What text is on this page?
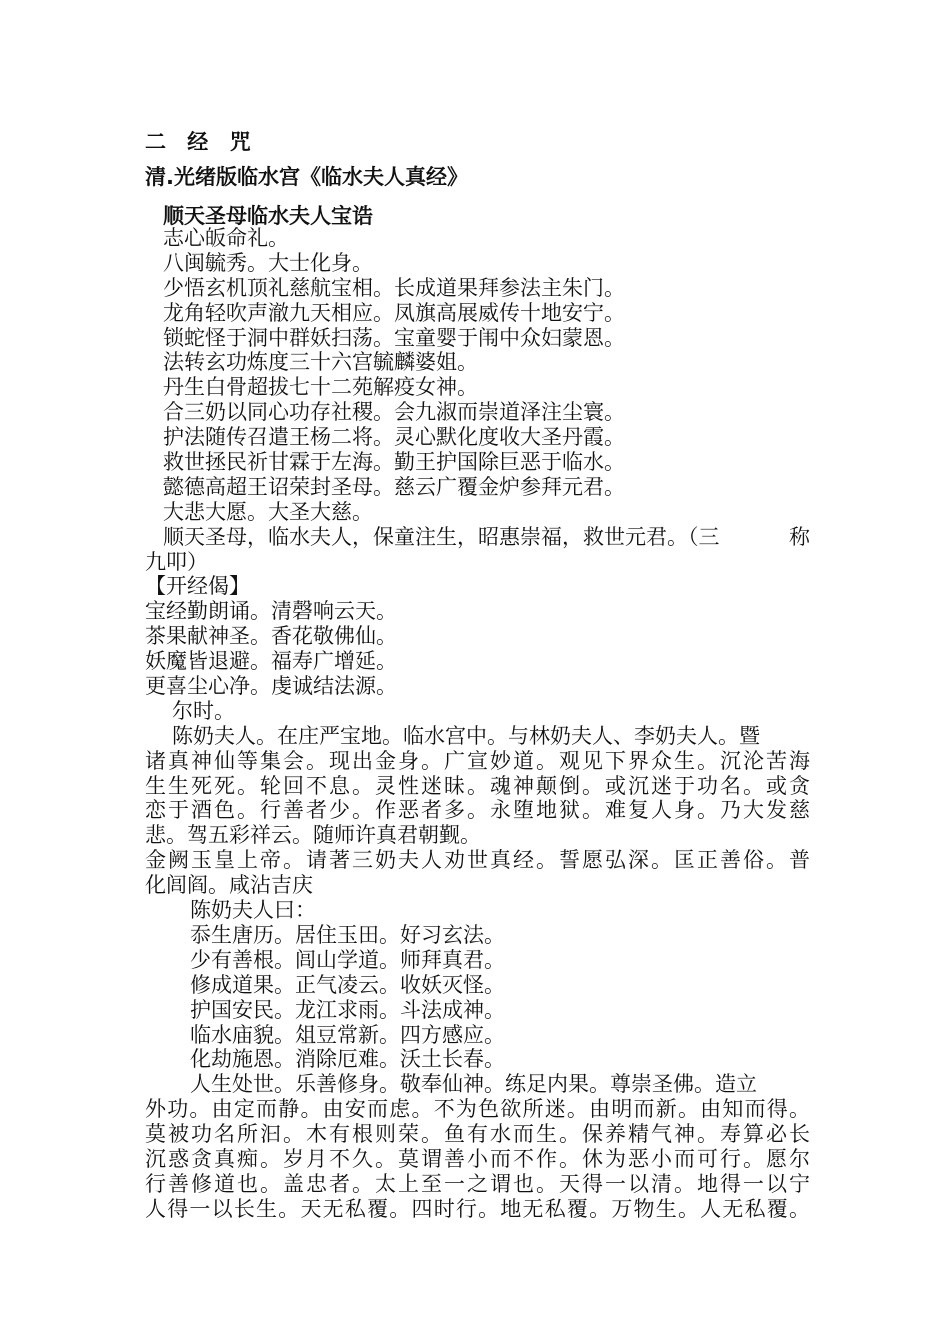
二 经 咒
清.光绪版临水宫《临水夫人真经》
顺天圣母临水夫人宝诰
志心皈命礼。
八闽毓秀。大士化身。
少悟玄机顶礼慈航宝相。长成道果拜参法主朱门。
龙角轻吹声澈九天相应。凤旗高展威传十地安宁。
锁蛇怪于洞中群妖扫荡。宝童婴于闱中众妇蒙恩。
法转玄功炼度三十六宫毓麟婆姐。
丹生白骨超拔七十二苑解疫女神。
合三奶以同心功存社稷。会九淑而崇道泽注尘寰。
护法随传召遣王杨二将。灵心默化度收大圣丹霞。
救世拯民祈甘霖于左海。勤王护国除巨恶于临水。
懿德高超王诏荣封圣母。慈云广覆金炉参拜元君。
大悲大愿。大圣大慈。
顺天圣母，临水夫人，保童注生，昭惠崇福，救世元君。（三	称
九叩）
【开经偈】
宝经勤朗诵。清磬响云天。
茶果献神圣。香花敬佛仙。
妖魔皆退避。福寿广增延。
更喜尘心净。虔诚结法源。
尔时。
陈奶夫人。在庄严宝地。临水宫中。与林奶夫人、李奶夫人。暨
诸真神仙等集会。现出金身。广宣妙道。观见下界众生。沉沦苦海
生生死死。轮回不息。灵性迷昧。魂神颠倒。或沉迷于功名。或贪
恋于酒色。行善者少。作恶者多。永堕地狱。难复人身。乃大发慈
悲。驾五彩祥云。随师许真君朝觐。
金阙玉皇上帝。请著三奶夫人劝世真经。誓愿弘深。匡正善俗。普
化闾阎。咸沾吉庆
陈奶夫人曰：
忝生唐历。居住玉田。好习玄法。
少有善根。闾山学道。师拜真君。
修成道果。正气凌云。收妖灭怪。
护国安民。龙江求雨。斗法成神。
临水庙貌。俎豆常新。四方感应。
化劫施恩。消除厄难。沃土长春。
人生处世。乐善修身。敬奉仙神。练足内果。尊崇圣佛。造立
外功。由定而静。由安而虑。不为色欲所迷。由明而新。由知而得。
莫被功名所汩。木有根则荣。鱼有水而生。保养精气神。寿算必长
沉惑贪真痴。岁月不久。莫谓善小而不作。休为恶小而可行。愿尔
行善修道也。盖忠者。太上至一之谓也。天得一以清。地得一以宁
人得一以长生。天无私覆。四时行。地无私覆。万物生。人无私覆。
